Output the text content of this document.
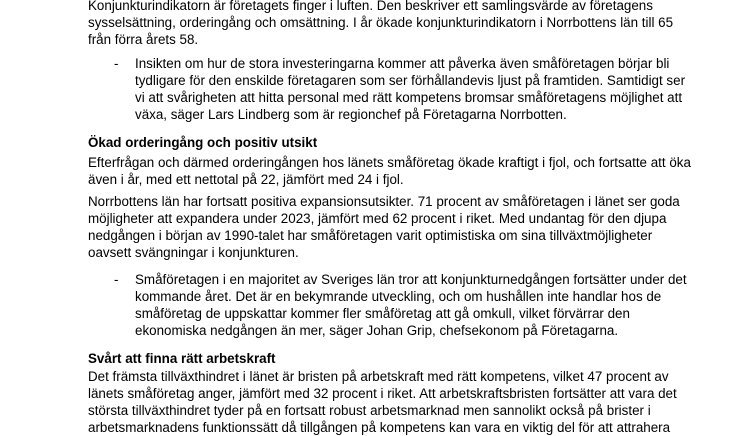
Konjunkturindikatorn är företagets finger i luften. Den beskriver ett samlingsvärde av företagens
sysselsättning, orderingång och omsättning. I år ökade konjunkturindikatorn i Norrbottens län till 65
från förra årets 58.
- Insikten om hur de stora investeringarna kommer att påverka även småföretagen börjar bli
tydligare för den enskilde företagaren som ser förhållandevis ljust på framtiden. Samtidigt ser
vi att svårigheten att hitta personal med rätt kompetens bromsar småföretagens möjlighet att
växa, säger Lars Lindberg som är regionchef på Företagarna Norrbotten.
Ökad orderingång och positiv utsikt
Efterfrågan och därmed orderingången hos länets småföretag ökade kraftigt i fjol, och fortsatte att öka
även i år, med ett nettotal på 22, jämfört med 24 i fjol.
Norrbottens län har fortsatt positiva expansionsutsikter. 71 procent av småföretagen i länet ser goda
möjligheter att expandera under 2023, jämfört med 62 procent i riket. Med undantag för den djupa
nedgången i början av 1990-talet har småföretagen varit optimistiska om sina tillväxtmöjligheter
oavsett svängningar i konjunkturen.
- Småföretagen i en majoritet av Sveriges län tror att konjunkturnedgången fortsätter under det
kommande året. Det är en bekymrande utveckling, och om hushållen inte handlar hos de
småföretag de uppskattar kommer fler småföretag att gå omkull, vilket förvärrar den
ekonomiska nedgången än mer, säger Johan Grip, chefsekonom på Företagarna.
Svårt att finna rätt arbetskraft
Det främsta tillväxthindret i länet är bristen på arbetskraft med rätt kompetens, vilket 47 procent av
länets småföretag anger, jämfört med 32 procent i riket. Att arbetskraftsbristen fortsätter att vara det
största tillväxthindret tyder på en fortsatt robust arbetsmarknad men sannolikt också på brister i
arbetsmarknadens funktionssätt då tillgången på kompetens kan vara en viktig del för att attrahera
